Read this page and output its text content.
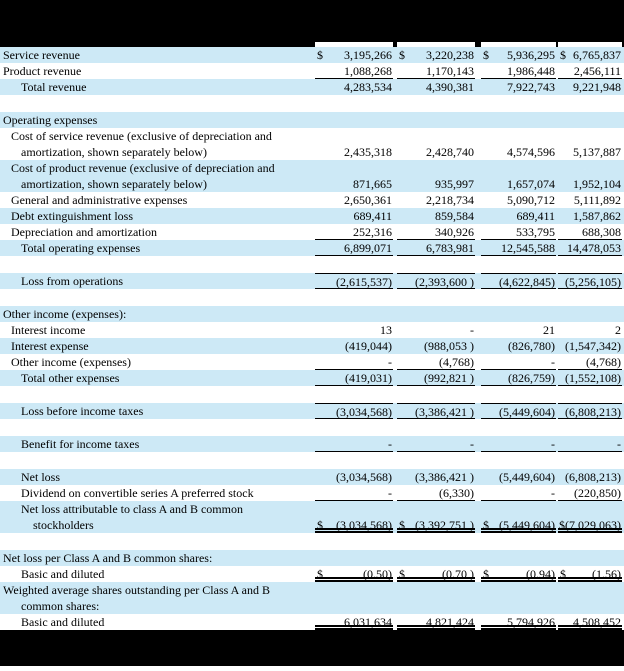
Service revenue	$ 3,195,266 $ 3,220,238 $ 5,936,295 $ 6,765,837
Product revenue	1,088,268	1,170,143	1,986,448 2,456,111
Total revenue	4,283,534	4,390,381	7,922,743 9,221,948
Operating expenses
Cost of service revenue (exclusive of depreciation and
amortization, shown separately below)	2,435,318	2,428,740	4,574,596 5,137,887
Cost of product revenue (exclusive of depreciation and
amortization, shown separately below)	871,665	935,997	1,657,074 1,952,104
General and administrative expenses	2,650,361	2,218,734	5,090,712 5,111,892
Debt extinguishment loss	689,411	859,584	689,411 1,587,862
Depreciation and amortization	252,316	340,926	533,795 688,308
Total operating expenses	6,899,071	6,783,981 12,545,588 14,478,053
Loss from operations	(2,615,537) (2,393,600 ) (4,622,845) (5,256,105)
Other income (expenses):
Interest income	13	-	21	2
Interest expense	(419,044)	(988,053 )	(826,780) (1,547,342)
Other income (expenses)	-	(4,768)	-	(4,768)
Total other expenses	(419,031)	(992,821 )	(826,759) (1,552,108)
Loss before income taxes	(3,034,568) (3,386,421 ) (5,449,604) (6,808,213)
Benefit for income taxes	-	-	-	-
Net loss	(3,034,568) (3,386,421 ) (5,449,604) (6,808,213)
Dividend on convertible series A preferred stock	-	(6,330)	- (220,850)
Net loss attributable to class A and B common
stockholders	$ (3,034,568) $ (3,392,751 ) $ (5,449,604) $ (7,029,063)
Net loss per Class A and B common shares:
Basic and diluted	$	(0.50) $	(0.70 ) $	(0.94) $ (1.56)
Weighted average shares outstanding per Class A and B
common shares:
Basic and diluted	6,031,634	4,821,424	5,794,926 4,508,452
